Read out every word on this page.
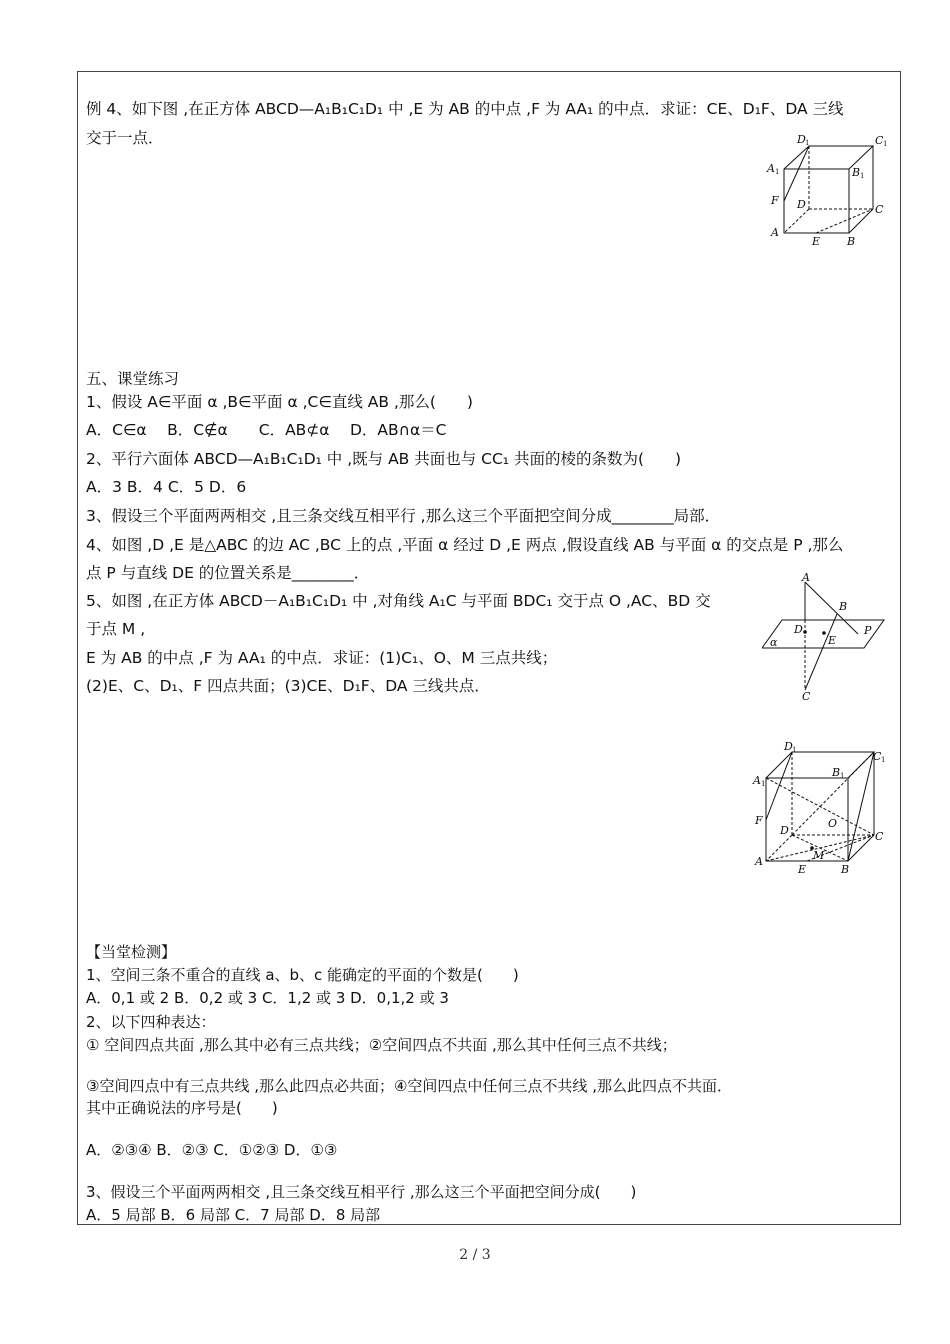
例 4、如下图 ,在正方体 ABCD—A₁B₁C₁D₁ 中 ,E 为 AB 的中点 ,F 为 AA₁ 的中点．求证：CE、D₁F、DA 三线
交于一点．	D 1	C 1
A 1	B 1
F D	C
A
E B
五、课堂练习
1、假设 A∈平面 α ,B∈平面 α ,C∈直线 AB ,那么(　　)
A．C∈α　 B．C∉α　　C．AB⊄α　 D．AB∩α＝C
2、平行六面体 ABCD—A₁B₁C₁D₁ 中 ,既与 AB 共面也与 CC₁ 共面的棱的条数为(　　)
A．3 B．4 C．5 D．6
3、假设三个平面两两相交 ,且三条交线互相平行 ,那么这三个平面把空间分成________局部．
4、如图 ,D ,E 是△ABC 的边 AC ,BC 上的点 ,平面 α 经过 D ,E 两点 ,假设直线 AB 与平面 α 的交点是 P ,那么
点 P 与直线 DE 的位置关系是________．
5、如图 ,在正方体 ABCD－A₁B₁C₁D₁ 中 ,对角线 A₁C 与平面 BDC₁ 交于点 O ,AC、BD 交
于点 M ,
E 为 AB 的中点 ,F 为 AA₁ 的中点．求证：(1)C₁、O、M 三点共线；
(2)E、C、D₁、F 四点共面；(3)CE、D₁F、DA 三线共点．
A
B
D
E
P
α
C
D 1	C 1
A 1
B 1
F	O
D	C
A	M
E	B
【当堂检测】
1、空间三条不重合的直线 a、b、c 能确定的平面的个数是(　　)
A．0,1 或 2 B．0,2 或 3 C．1,2 或 3 D．0,1,2 或 3
2、以下四种表达：
① 空间四点共面 ,那么其中必有三点共线；②空间四点不共面 ,那么其中任何三点不共线；
③空间四点中有三点共线 ,那么此四点必共面；④空间四点中任何三点不共线 ,那么此四点不共面．
其中正确说法的序号是(　　)
A．②③④ B．②③ C．①②③ D．①③
3、假设三个平面两两相交 ,且三条交线互相平行 ,那么这三个平面把空间分成(　　)
A．5 局部 B．6 局部 C．7 局部 D．8 局部
2 / 3
